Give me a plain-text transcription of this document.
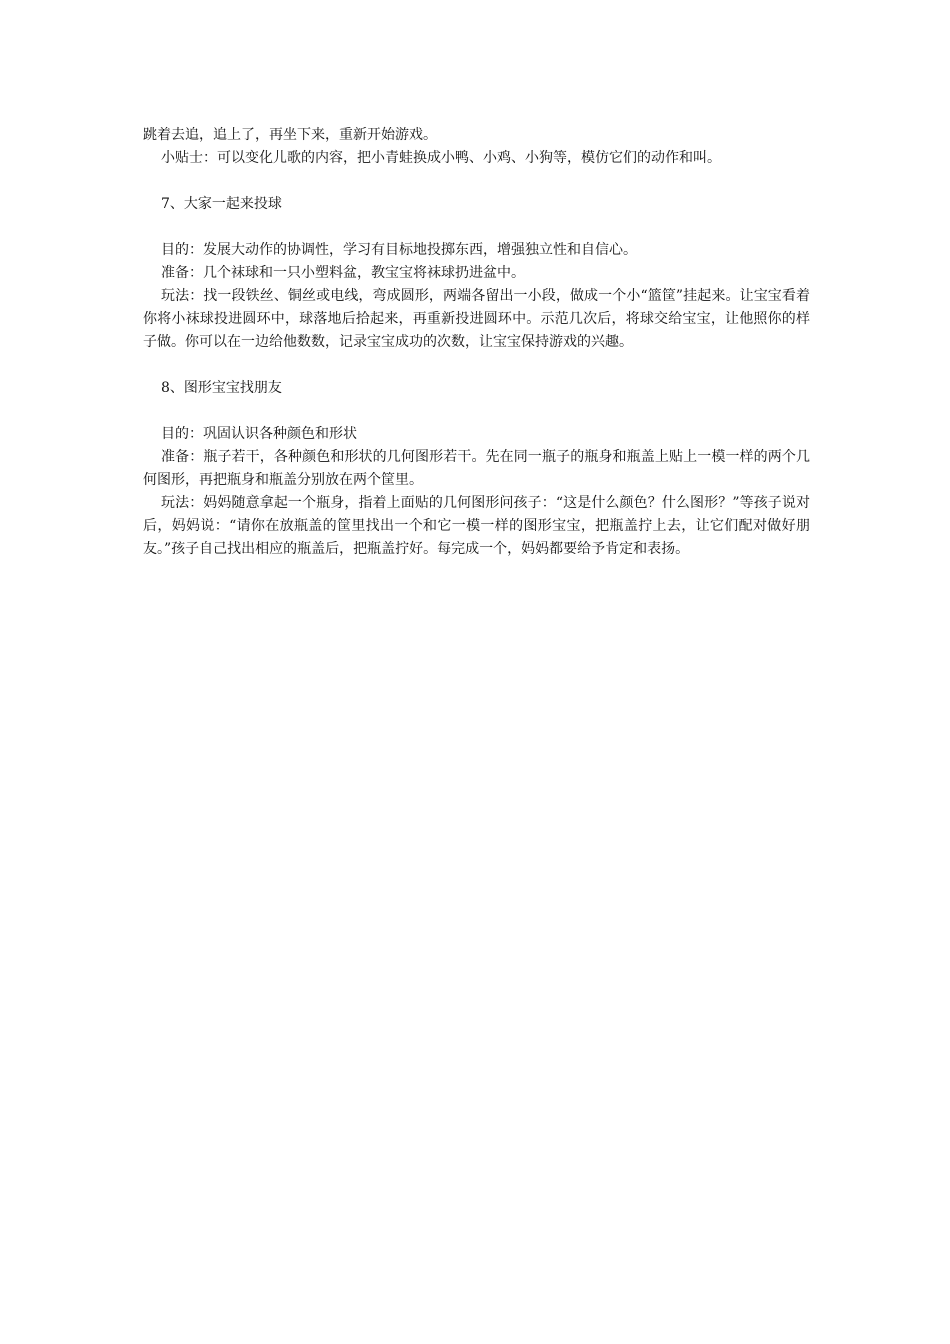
跳着去追，追上了，再坐下来，重新开始游戏。

小贴士：可以变化儿歌的内容，把小青蛙换成小鸭、小鸡、小狗等，模仿它们的动作和叫。

7、大家一起来投球

目的：发展大动作的协调性，学习有目标地投掷东西，增强独立性和自信心。

准备：几个袜球和一只小塑料盆，教宝宝将袜球扔进盆中。

玩法：找一段铁丝、铜丝或电线，弯成圆形，两端各留出一小段，做成一个小“篮筐”挂起来。让宝宝看着你将小袜球投进圆环中，球落地后拾起来，再重新投进圆环中。示范几次后，将球交给宝宝，让他照你的样子做。你可以在一边给他数数，记录宝宝成功的次数，让宝宝保持游戏的兴趣。

8、图形宝宝找朋友

目的：巩固认识各种颜色和形状

准备：瓶子若干，各种颜色和形状的几何图形若干。先在同一瓶子的瓶身和瓶盖上贴上一模一样的两个几何图形，再把瓶身和瓶盖分别放在两个筐里。

玩法：妈妈随意拿起一个瓶身，指着上面贴的几何图形问孩子：“这是什么颜色？什么图形？”等孩子说对后，妈妈说：“请你在放瓶盖的筐里找出一个和它一模一样的图形宝宝，把瓶盖拧上去，让它们配对做好朋友。”孩子自己找出相应的瓶盖后，把瓶盖拧好。每完成一个，妈妈都要给予肯定和表扬。
